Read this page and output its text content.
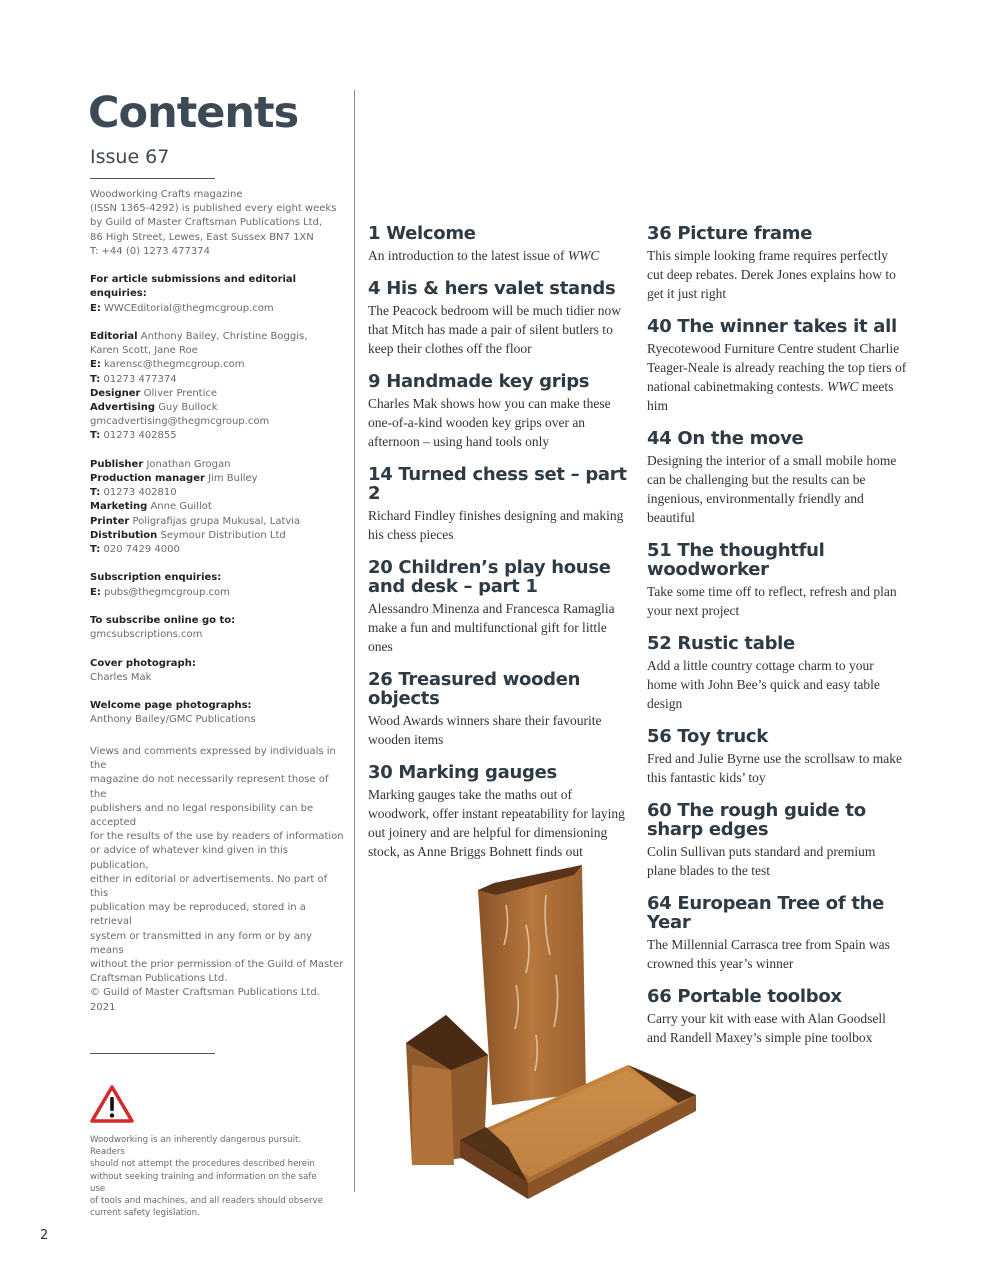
Contents
Issue 67

Woodworking Crafts magazine
(ISSN 1365-4292) is published every eight weeks
by Guild of Master Craftsman Publications Ltd,
86 High Street, Lewes, East Sussex BN7 1XN
T: +44 (0) 1273 477374

For article submissions and editorial enquiries:
E: WWCEditorial@thegmcgroup.com

Editorial Anthony Bailey, Christine Boggis,
Karen Scott, Jane Roe
E: karensc@thegmcgroup.com
T: 01273 477374
Designer Oliver Prentice
Advertising Guy Bullock
gmcadvertising@thegmcgroup.com
T: 01273 402855

Publisher Jonathan Grogan
Production manager Jim Bulley
T: 01273 402810
Marketing Anne Guillot
Printer Poligrafijas grupa Mukusal, Latvia
Distribution Seymour Distribution Ltd
T: 020 7429 4000

Subscription enquiries:
E: pubs@thegmcgroup.com

To subscribe online go to:
gmcsubscriptions.com

Cover photograph:
Charles Mak

Welcome page photographs:
Anthony Bailey/GMC Publications

Views and comments expressed by individuals in the
magazine do not necessarily represent those of the
publishers and no legal responsibility can be accepted
for the results of the use by readers of information
or advice of whatever kind given in this publication,
either in editorial or advertisements. No part of this
publication may be reproduced, stored in a retrieval
system or transmitted in any form or by any means
without the prior permission of the Guild of Master
Craftsman Publications Ltd.
© Guild of Master Craftsman Publications Ltd. 2021
Woodworking is an inherently dangerous pursuit. Readers
should not attempt the procedures described herein
without seeking training and information on the safe use
of tools and machines, and all readers should observe
current safety legislation.
1 Welcome
An introduction to the latest issue of WWC
4 His & hers valet stands
The Peacock bedroom will be much tidier now that Mitch has made a pair of silent butlers to keep their clothes off the floor
9 Handmade key grips
Charles Mak shows how you can make these one-of-a-kind wooden key grips over an afternoon – using hand tools only
14 Turned chess set – part 2
Richard Findley finishes designing and making his chess pieces
20 Children’s play house and desk – part 1
Alessandro Minenza and Francesca Ramaglia make a fun and multifunctional gift for little ones
26 Treasured wooden objects
Wood Awards winners share their favourite wooden items
30 Marking gauges
Marking gauges take the maths out of woodwork, offer instant repeatability for laying out joinery and are helpful for dimensioning stock, as Anne Briggs Bohnett finds out
36 Picture frame
This simple looking frame requires perfectly cut deep rebates. Derek Jones explains how to get it just right
40 The winner takes it all
Ryecotewood Furniture Centre student Charlie Teager-Neale is already reaching the top tiers of national cabinetmaking contests. WWC meets him
44 On the move
Designing the interior of a small mobile home can be challenging but the results can be ingenious, environmentally friendly and beautiful
51 The thoughtful woodworker
Take some time off to reflect, refresh and plan your next project
52 Rustic table
Add a little country cottage charm to your home with John Bee’s quick and easy table design
56 Toy truck
Fred and Julie Byrne use the scrollsaw to make this fantastic kids’ toy
60 The rough guide to sharp edges
Colin Sullivan puts standard and premium plane blades to the test
64 European Tree of the Year
The Millennial Carrasca tree from Spain was crowned this year’s winner
66 Portable toolbox
Carry your kit with ease with Alan Goodsell and Randell Maxey’s simple pine toolbox
2
